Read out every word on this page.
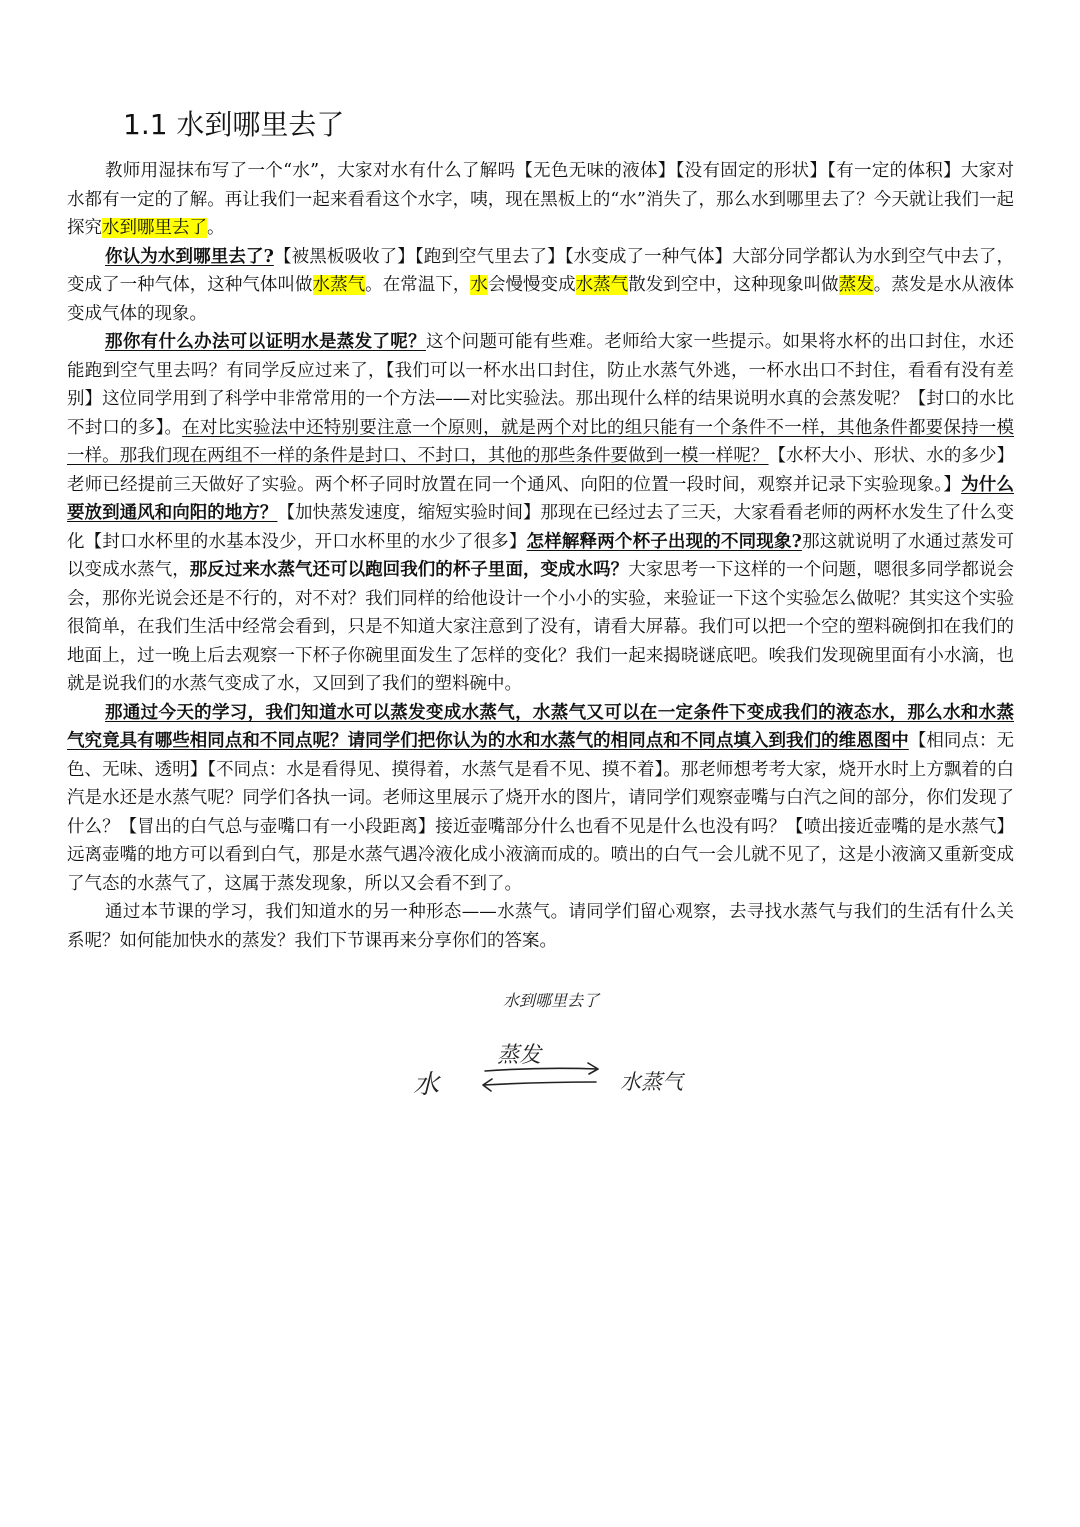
1.1 水到哪里去了

教师用湿抹布写了一个“水”，大家对水有什么了解吗【无色无味的液体】【没有固定的形状】【有一定的体积】大家对水都有一定的了解。再让我们一起来看看这个水字，咦，现在黑板上的“水”消失了，那么水到哪里去了？今天就让我们一起探究水到哪里去了。

你认为水到哪里去了?【被黑板吸收了】【跑到空气里去了】【水变成了一种气体】大部分同学都认为水到空气中去了，变成了一种气体，这种气体叫做水蒸气。在常温下，水会慢慢变成水蒸气散发到空中，这种现象叫做蒸发。蒸发是水从液体变成气体的现象。

那你有什么办法可以证明水是蒸发了呢？这个问题可能有些难。老师给大家一些提示。如果将水杯的出口封住，水还能跑到空气里去吗？有同学反应过来了，【我们可以一杯水出口封住，防止水蒸气外逃，一杯水出口不封住，看看有没有差别】这位同学用到了科学中非常常用的一个方法——对比实验法。那出现什么样的结果说明水真的会蒸发呢？【封口的水比不封口的多】。在对比实验法中还特别要注意一个原则，就是两个对比的组只能有一个条件不一样，其他条件都要保持一模一样。那我们现在两组不一样的条件是封口、不封口，其他的那些条件要做到一模一样呢？【水杯大小、形状、水的多少】老师已经提前三天做好了实验。两个杯子同时放置在同一个通风、向阳的位置一段时间，观察并记录下实验现象。】为什么要放到通风和向阳的地方？【加快蒸发速度，缩短实验时间】那现在已经过去了三天，大家看看老师的两杯水发生了什么变化【封口水杯里的水基本没少，开口水杯里的水少了很多】怎样解释两个杯子出现的不同现象?那这就说明了水通过蒸发可以变成水蒸气，那反过来水蒸气还可以跑回我们的杯子里面，变成水吗？大家思考一下这样的一个问题，嗯很多同学都说会会，那你光说会还是不行的，对不对？我们同样的给他设计一个小小的实验，来验证一下这个实验怎么做呢？其实这个实验很简单，在我们生活中经常会看到，只是不知道大家注意到了没有，请看大屏幕。我们可以把一个空的塑料碗倒扣在我们的地面上，过一晚上后去观察一下杯子你碗里面发生了怎样的变化？我们一起来揭晓谜底吧。唉我们发现碗里面有小水滴，也就是说我们的水蒸气变成了水，又回到了我们的塑料碗中。

那通过今天的学习，我们知道水可以蒸发变成水蒸气，水蒸气又可以在一定条件下变成我们的液态水，那么水和水蒸气究竟具有哪些相同点和不同点呢？请同学们把你认为的水和水蒸气的相同点和不同点填入到我们的维恩图中【相同点：无色、无味、透明】【不同点：水是看得见、摸得着，水蒸气是看不见、摸不着】。那老师想考考大家，烧开水时上方飘着的白汽是水还是水蒸气呢？同学们各执一词。老师这里展示了烧开水的图片，请同学们观察壶嘴与白汽之间的部分，你们发现了什么？【冒出的白气总与壶嘴口有一小段距离】接近壶嘴部分什么也看不见是什么也没有吗？【喷出接近壶嘴的是水蒸气】远离壶嘴的地方可以看到白气，那是水蒸气遇冷液化成小液滴而成的。喷出的白气一会儿就不见了，这是小液滴又重新变成了气态的水蒸气了，这属于蒸发现象，所以又会看不到了。

通过本节课的学习，我们知道水的另一种形态——水蒸气。请同学们留心观察，去寻找水蒸气与我们的生活有什么关系呢？如何能加快水的蒸发？我们下节课再来分享你们的答案。

水到哪里去了
蒸发
水	水蒸气
